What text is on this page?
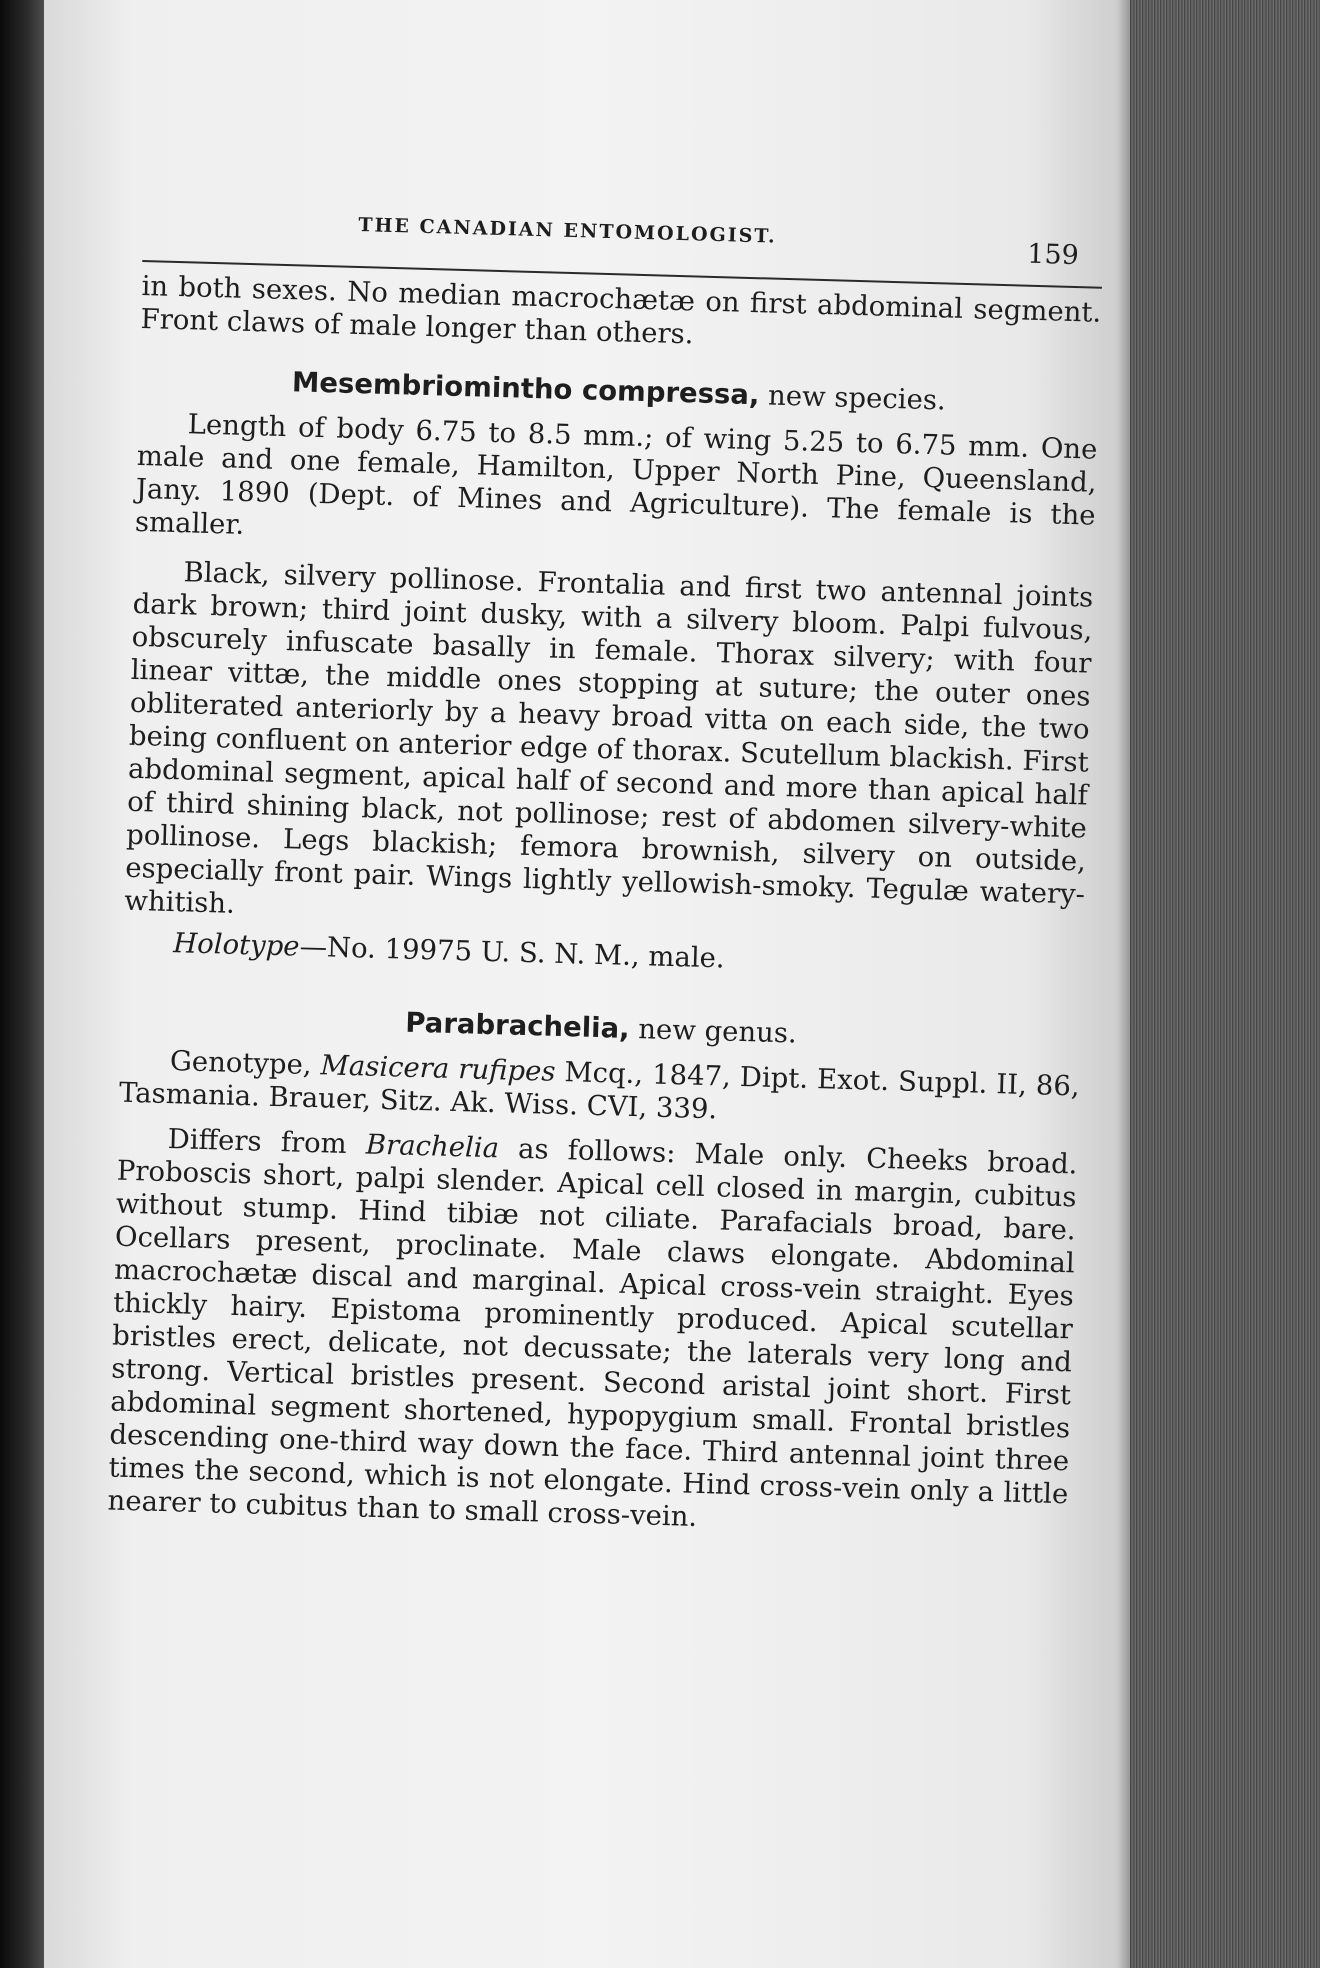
THE CANADIAN ENTOMOLOGIST.
159

in both sexes. No median macrochætæ on first abdominal segment. Front claws of male longer than others.

Mesembriomintho compressa, new species.

Length of body 6.75 to 8.5 mm.; of wing 5.25 to 6.75 mm. One male and one female, Hamilton, Upper North Pine, Queensland, Jany. 1890 (Dept. of Mines and Agriculture). The female is the smaller.

Black, silvery pollinose. Frontalia and first two antennal joints dark brown; third joint dusky, with a silvery bloom. Palpi fulvous, obscurely infuscate basally in female. Thorax silvery; with four linear vittæ, the middle ones stopping at suture; the outer ones obliterated anteriorly by a heavy broad vitta on each side, the two being confluent on anterior edge of thorax. Scutellum blackish. First abdominal segment, apical half of second and more than apical half of third shining black, not pollinose; rest of abdomen silvery-white pollinose. Legs blackish; femora brownish, silvery on outside, especially front pair. Wings lightly yellowish-smoky. Tegulæ watery-whitish.

Holotype—No. 19975 U. S. N. M., male.

Parabrachelia, new genus.

Genotype, Masicera rufipes Mcq., 1847, Dipt. Exot. Suppl. II, 86, Tasmania. Brauer, Sitz. Ak. Wiss. CVI, 339.

Differs from Brachelia as follows: Male only. Cheeks broad. Proboscis short, palpi slender. Apical cell closed in margin, cubitus without stump. Hind tibiæ not ciliate. Parafacials broad, bare. Ocellars present, proclinate. Male claws elongate. Abdominal macrochætæ discal and marginal. Apical cross-vein straight. Eyes thickly hairy. Epistoma prominently produced. Apical scutellar bristles erect, delicate, not decussate; the laterals very long and strong. Vertical bristles present. Second aristal joint short. First abdominal segment shortened, hypopygium small. Frontal bristles descending one-third way down the face. Third antennal joint three times the second, which is not elongate. Hind cross-vein only a little nearer to cubitus than to small cross-vein.
